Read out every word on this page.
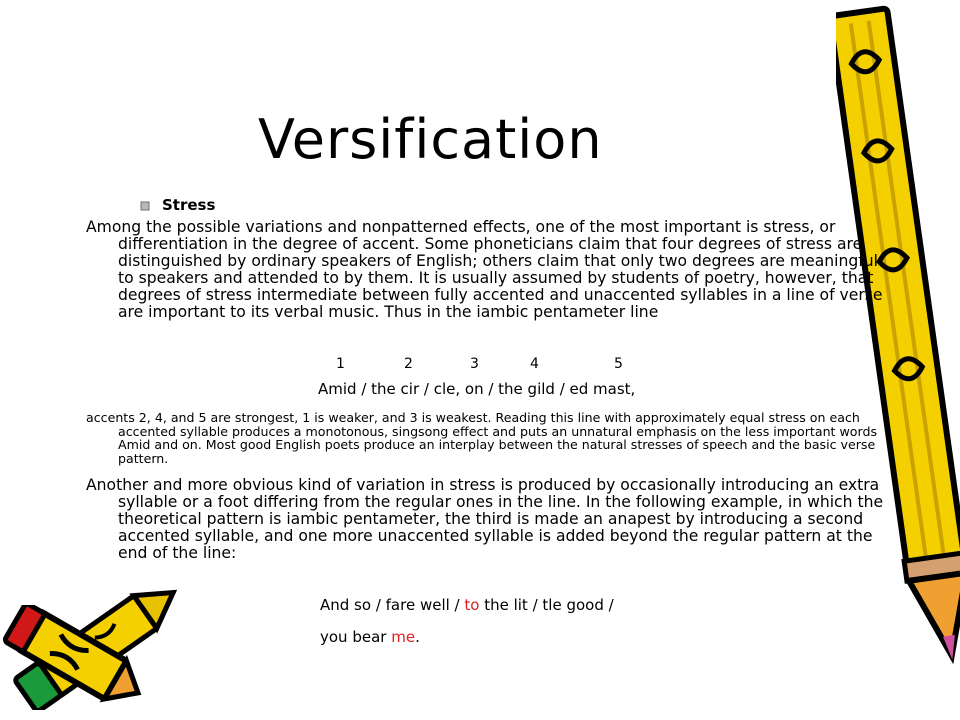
Versification
Stress
Among the possible variations and nonpatterned effects, one of the most important is stress, or differentiation in the degree of accent. Some phoneticians claim that four degrees of stress are distinguished by ordinary speakers of English; others claim that only two degrees are meaningful to speakers and attended to by them. It is usually assumed by students of poetry, however, that degrees of stress intermediate between fully accented and unaccented syllables in a line of verse are important to its verbal music. Thus in the iambic pentameter line
1	2	3	4	5
Amid / the cir / cle, on / the gild / ed mast,
accents 2, 4, and 5 are strongest, 1 is weaker, and 3 is weakest. Reading this line with approximately equal stress on each accented syllable produces a monotonous, singsong effect and puts an unnatural emphasis on the less important words Amid and on. Most good English poets produce an interplay between the natural stresses of speech and the basic verse pattern.
Another and more obvious kind of variation in stress is produced by occasionally introducing an extra syllable or a foot differing from the regular ones in the line. In the following example, in which the theoretical pattern is iambic pentameter, the third is made an anapest by introducing a second accented syllable, and one more unaccented syllable is added beyond the regular pattern at the end of the line:
And so / fare well / to the lit / tle good /
you bear me.
